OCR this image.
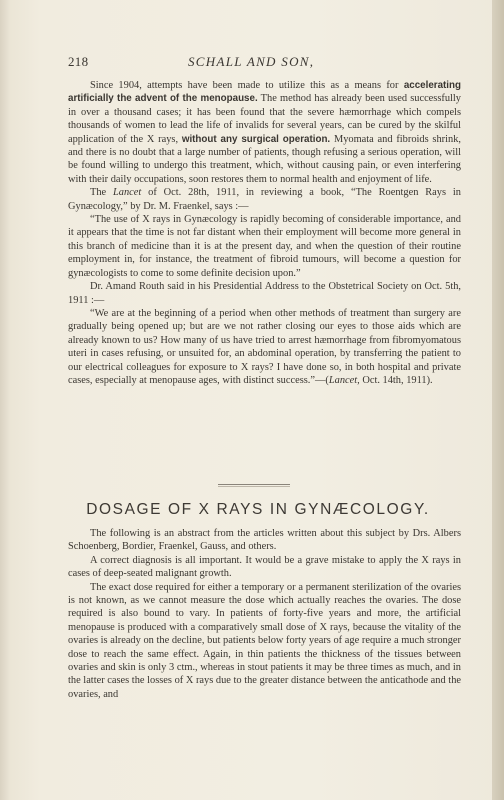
218	SCHALL AND SON,

Since 1904, attempts have been made to utilize this as a means for accelerating artificially the advent of the menopause. The method has already been used successfully in over a thousand cases; it has been found that the severe hæmorrhage which compels thousands of women to lead the life of invalids for several years, can be cured by the skilful application of the X rays, without any surgical operation. Myomata and fibroids shrink, and there is no doubt that a large number of patients, though refusing a serious operation, will be found willing to undergo this treatment, which, without causing pain, or even interfering with their daily occupations, soon restores them to normal health and enjoyment of life.

The Lancet of Oct. 28th, 1911, in reviewing a book, “The Roentgen Rays in Gynæcology,” by Dr. M. Fraenkel, says :—

“The use of X rays in Gynæcology is rapidly becoming of considerable importance, and it appears that the time is not far distant when their employment will become more general in this branch of medicine than it is at the present day, and when the question of their routine employment in, for instance, the treatment of fibroid tumours, will become a question for gynæcologists to come to some definite decision upon.”

Dr. Amand Routh said in his Presidential Address to the Obstetrical Society on Oct. 5th, 1911 :—

“We are at the beginning of a period when other methods of treatment than surgery are gradually being opened up; but are we not rather closing our eyes to those aids which are already known to us? How many of us have tried to arrest hæmorrhage from fibromyomatous uteri in cases refusing, or unsuited for, an abdominal operation, by transferring the patient to our electrical colleagues for exposure to X rays? I have done so, in both hospital and private cases, especially at menopause ages, with distinct success.”—(Lancet, Oct. 14th, 1911).

DOSAGE OF X RAYS IN GYNÆCOLOGY.

The following is an abstract from the articles written about this subject by Drs. Albers Schoenberg, Bordier, Fraenkel, Gauss, and others.

A correct diagnosis is all important. It would be a grave mistake to apply the X rays in cases of deep-seated malignant growth.

The exact dose required for either a temporary or a permanent sterilization of the ovaries is not known, as we cannot measure the dose which actually reaches the ovaries. The dose required is also bound to vary. In patients of forty-five years and more, the artificial menopause is produced with a comparatively small dose of X rays, because the vitality of the ovaries is already on the decline, but patients below forty years of age require a much stronger dose to reach the same effect. Again, in thin patients the thickness of the tissues between ovaries and skin is only 3 ctm., whereas in stout patients it may be three times as much, and in the latter cases the losses of X rays due to the greater distance between the anticathode and the ovaries, and
